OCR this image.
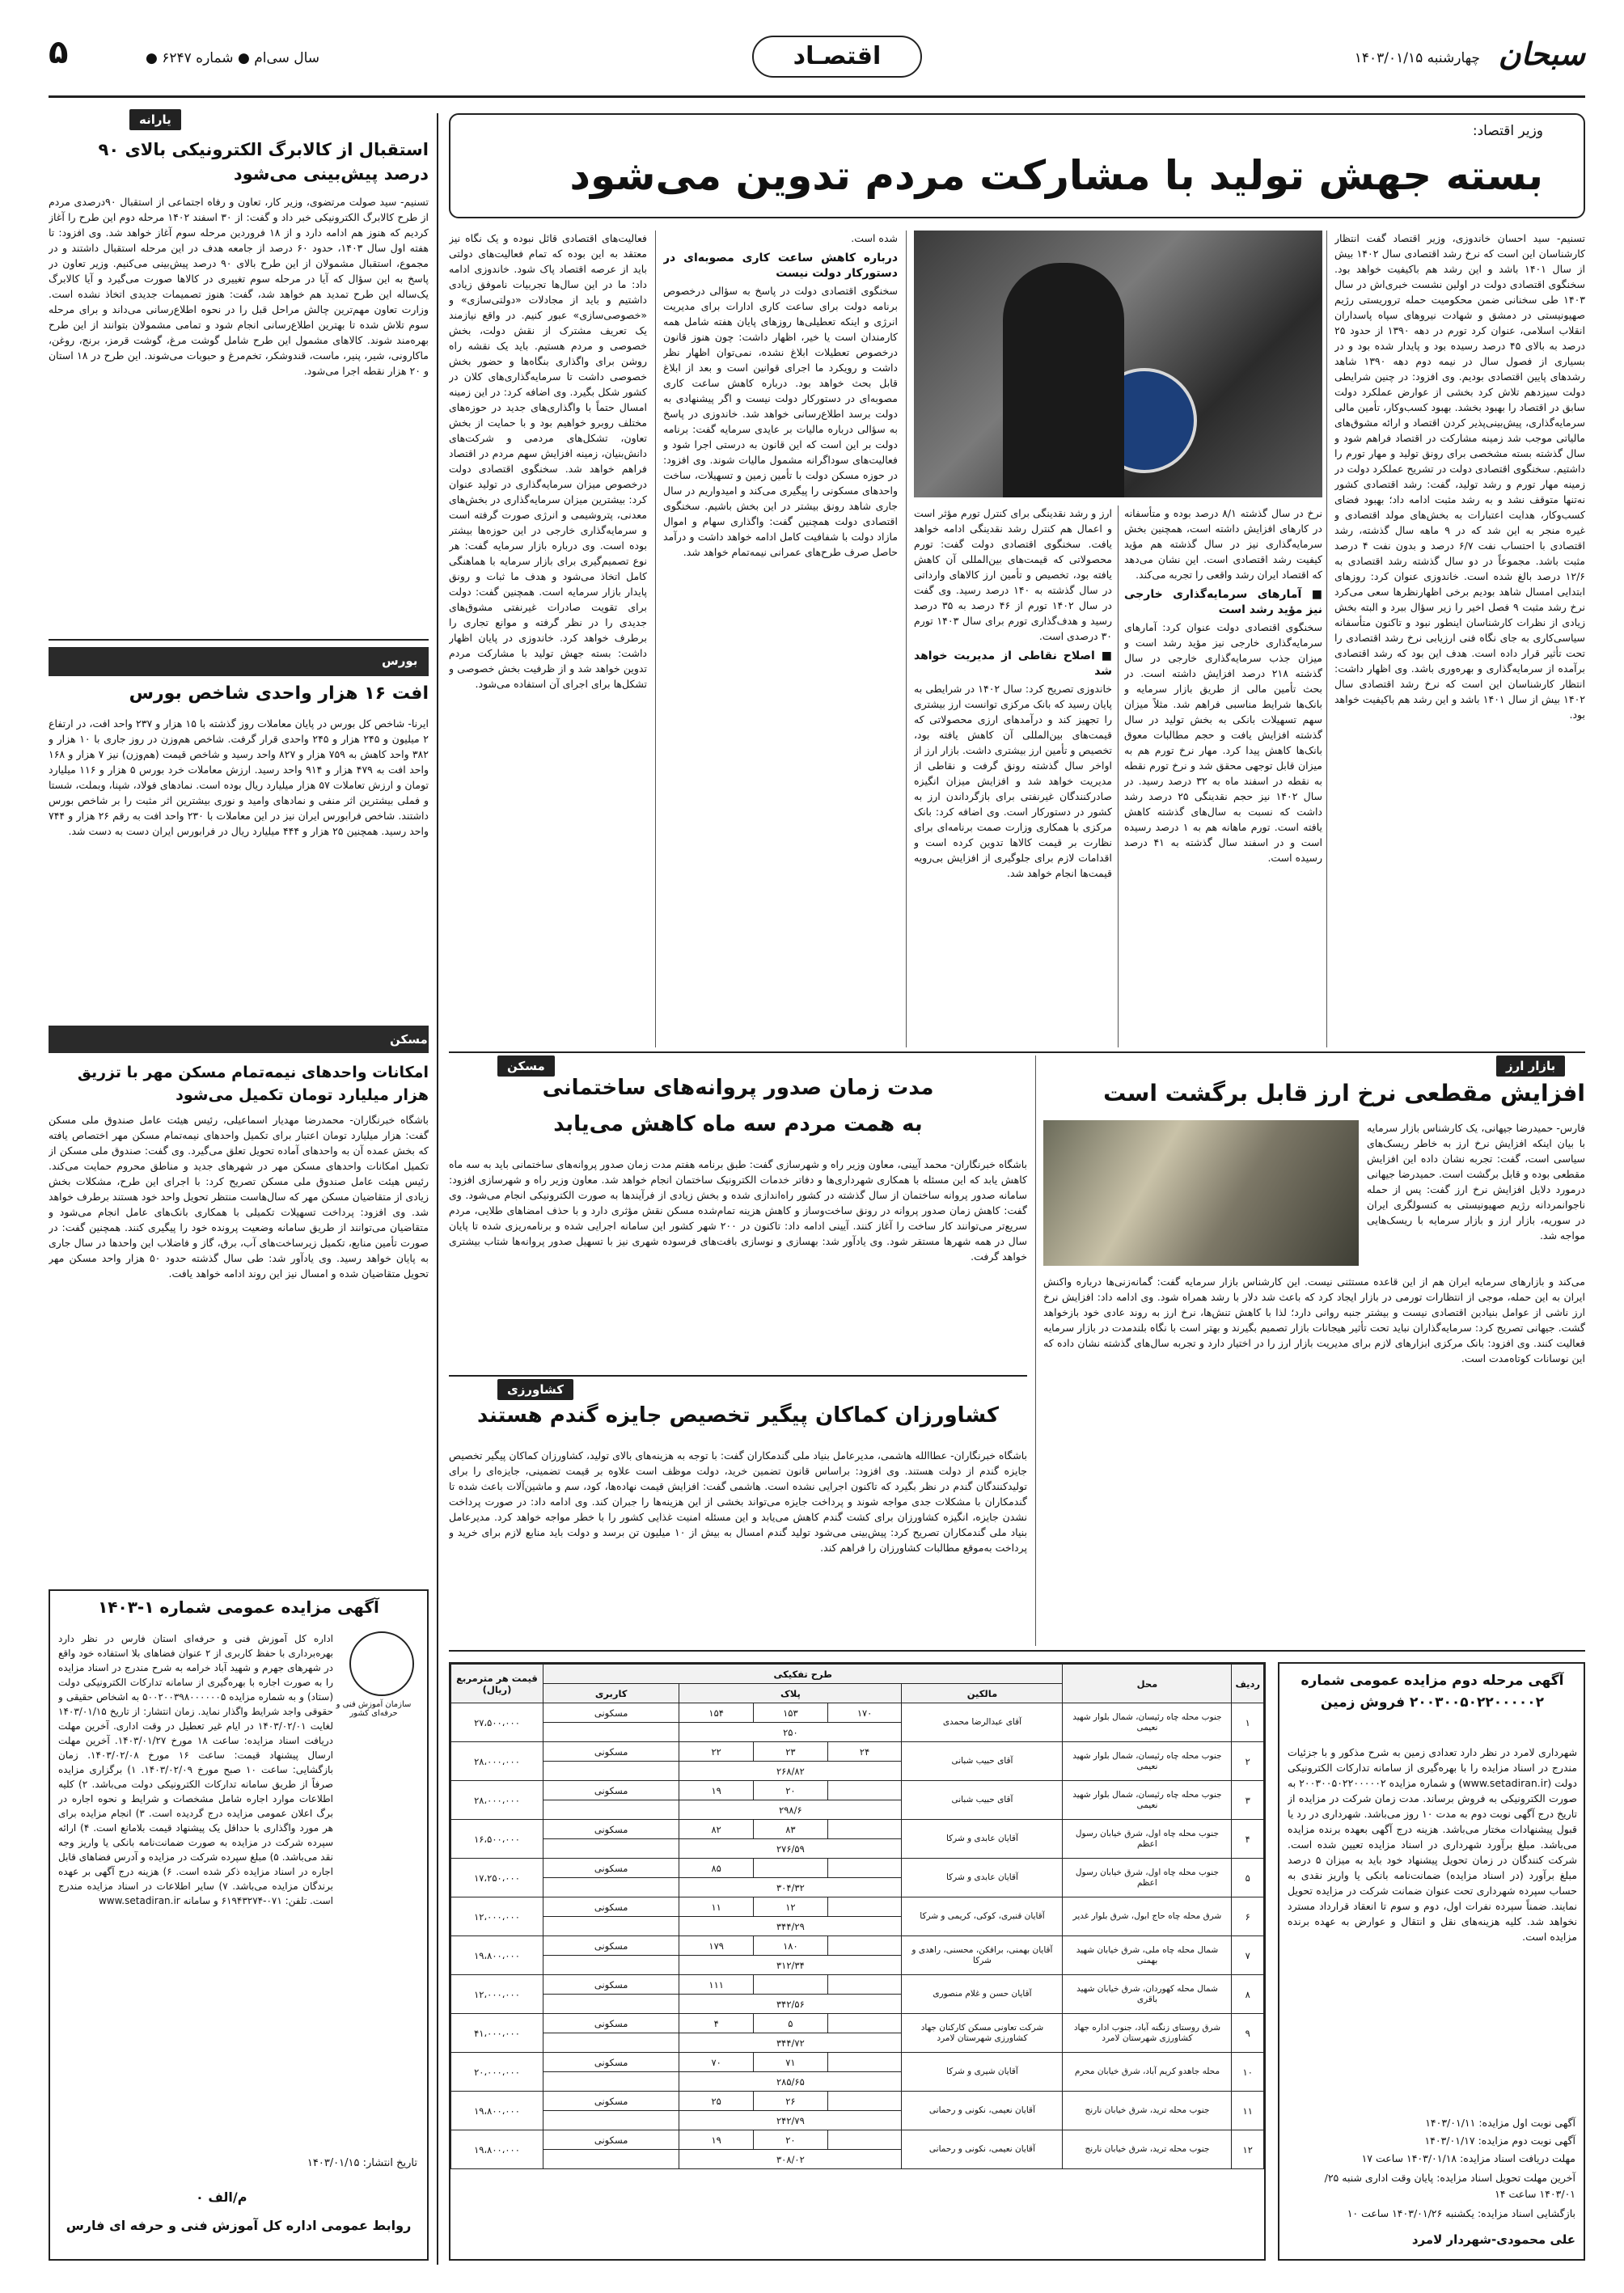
سبحان
چهارشنبه ۱۴۰۳/۰۱/۱۵
اقتصـاد
سال سی‌ام ● شماره ۶۲۴۷ ●
۵
وزیر اقتصاد:
بسته جهش تولید با مشارکت مردم تدوین می‌شود

تسنیم- سید احسان خاندوزی، وزیر اقتصاد گفت انتظار کارشناسان این است که نرخ رشد اقتصادی سال ۱۴۰۲ بیش از سال ۱۴۰۱ باشد و این رشد هم باکیفیت خواهد بود. سخنگوی اقتصادی دولت در اولین نشست خبری‌اش در سال ۱۴۰۳ طی سخنانی ضمن محکومیت حمله تروریستی رژیم صهیونیستی در دمشق و شهادت نیروهای سپاه پاسداران انقلاب اسلامی، عنوان کرد تورم در دهه ۱۳۹۰ از حدود ۲۵ درصد به بالای ۴۵ درصد رسیده بود و پایدار شده بود و در بسیاری از فصول سال در نیمه دوم دهه ۱۳۹۰ شاهد رشدهای پایین اقتصادی بودیم. وی افزود: در چنین شرایطی دولت سیزدهم تلاش کرد بخشی از عوارض عملکرد دولت سابق در اقتصاد را بهبود بخشد. بهبود کسب‌وکار، تأمین مالی سرمایه‌گذاری، پیش‌بینی‌پذیر کردن اقتصاد و ارائه مشوق‌های مالیاتی موجب شد زمینه مشارکت در اقتصاد فراهم شود و سال گذشته بسته مشخصی برای رونق تولید و مهار تورم را داشتیم. سخنگوی اقتصادی دولت در تشریح عملکرد دولت در زمینه مهار تورم و رشد تولید، گفت: رشد اقتصادی کشور نه‌تنها متوقف نشد و به رشد مثبت ادامه داد؛ بهبود فضای کسب‌وکار، هدایت اعتبارات به بخش‌های مولد اقتصادی و غیره منجر به این شد که در ۹ ماهه سال گذشته، رشد اقتصادی با احتساب نفت ۶/۷ درصد و بدون نفت ۴ درصد مثبت باشد. مجموعاً در دو سال گذشته رشد اقتصادی به ۱۲/۶ درصد بالغ شده است. خاندوزی عنوان کرد: روزهای ابتدایی امسال شاهد بودیم برخی اظهارنظرها سعی می‌کرد نرخ رشد مثبت ۹ فصل اخیر را زیر سؤال ببرد و البته بخش زیادی از نظرات کارشناسان اینطور نبود و تاکنون متأسفانه سیاسی‌کاری به جای نگاه فنی ارزیابی نرخ رشد اقتصادی را تحت تأثیر قرار داده است. هدف این بود که رشد اقتصادی برآمده از سرمایه‌گذاری و بهره‌وری باشد. وی اظهار داشت: انتظار کارشناسان این است که نرخ رشد اقتصادی سال ۱۴۰۲ بیش از سال ۱۴۰۱ باشد و این رشد هم باکیفیت خواهد بود.

نرخ در سال گذشته ۸/۱ درصد بوده و متأسفانه در کارهای افزایش داشته است، همچنین بخش سرمایه‌گذاری نیز در سال گذشته هم مؤید کیفیت رشد اقتصادی است. این نشان می‌دهد که اقتصاد ایران رشد واقعی را تجربه می‌کند.

■ آمارهای سرمایه‌گذاری خارجی نیز مؤید رشد است

سخنگوی اقتصادی دولت عنوان کرد: آمارهای سرمایه‌گذاری خارجی نیز مؤید رشد است و میزان جذب سرمایه‌گذاری خارجی در سال گذشته ۲۱۸ درصد افزایش داشته است. در بحث تأمین مالی از طریق بازار سرمایه و بانک‌ها شرایط مناسبی فراهم شد. مثلاً میزان سهم تسهیلات بانکی به بخش تولید در سال گذشته افزایش یافت و حجم مطالبات معوق بانک‌ها کاهش پیدا کرد. مهار نرخ تورم هم به میزان قابل توجهی محقق شد و نرخ تورم نقطه به نقطه در اسفند ماه به ۳۲ درصد رسید. در سال ۱۴۰۲ نیز حجم نقدینگی ۲۵ درصد رشد داشت که نسبت به سال‌های گذشته کاهش یافته است. تورم ماهانه هم به ۱ درصد رسیده است و در اسفند سال گذشته به ۴۱ درصد رسیده است.

ارز و رشد نقدینگی برای کنترل تورم مؤثر است و اعمال هم کنترل رشد نقدینگی ادامه خواهد یافت. سخنگوی اقتصادی دولت گفت: تورم محصولاتی که قیمت‌های بین‌المللی آن کاهش یافته بود، تخصیص و تأمین ارز کالاهای وارداتی در سال گذشته به ۱۴۰ درصد رسید. وی گفت در سال ۱۴۰۲ تورم از ۴۶ درصد به ۳۵ درصد رسید و هدف‌گذاری تورم برای سال ۱۴۰۳ تورم ۳۰ درصدی است.

■ اصلاح نقاطی از مدیریت خواهد شد

خاندوزی تصریح کرد: سال ۱۴۰۲ در شرایطی به پایان رسید که بانک مرکزی توانست ارز بیشتری را تجهیز کند و درآمدهای ارزی محصولاتی که قیمت‌های بین‌المللی آن کاهش یافته بود، تخصیص و تأمین ارز بیشتری داشت. بازار ارز از اواخر سال گذشته رونق گرفت و نقاطی از مدیریت خواهد شد و افزایش میزان انگیزه صادرکنندگان غیرنفتی برای بازگرداندن ارز به کشور در دستورکار است. وی اضافه کرد: بانک مرکزی با همکاری وزارت صمت برنامه‌ای برای نظارت بر قیمت کالاها تدوین کرده است و اقدامات لازم برای جلوگیری از افزایش بی‌رویه قیمت‌ها انجام خواهد شد.

شده است.

درباره کاهش ساعت کاری مصوبه‌ای در دستورکار دولت نیست

سخنگوی اقتصادی دولت در پاسخ به سؤالی درخصوص برنامه دولت برای ساعت کاری ادارات برای مدیریت انرژی و اینکه تعطیلی‌ها روزهای پایان هفته شامل همه کارمندان است یا خیر، اظهار داشت: چون هنوز قانون درخصوص تعطیلات ابلاغ نشده، نمی‌توان اظهار نظر داشت و رویکرد ما اجرای قوانین است و بعد از ابلاغ قابل بحث خواهد بود. درباره کاهش ساعت کاری مصوبه‌ای در دستورکار دولت نیست و اگر پیشنهادی به دولت برسد اطلاع‌رسانی خواهد شد. خاندوزی در پاسخ به سؤالی درباره مالیات بر عایدی سرمایه گفت: برنامه دولت بر این است که این قانون به درستی اجرا شود و فعالیت‌های سوداگرانه مشمول مالیات شوند. وی افزود: در حوزه مسکن دولت با تأمین زمین و تسهیلات، ساخت واحدهای مسکونی را پیگیری می‌کند و امیدواریم در سال جاری شاهد رونق بیشتر در این بخش باشیم. سخنگوی اقتصادی دولت همچنین گفت: واگذاری سهام و اموال مازاد دولت با شفافیت کامل ادامه خواهد داشت و درآمد حاصل صرف طرح‌های عمرانی نیمه‌تمام خواهد شد.

فعالیت‌های اقتصادی قائل نبوده و یک نگاه نیز معتقد به این بوده که تمام فعالیت‌های دولتی باید از عرصه اقتصاد پاک شود. خاندوزی ادامه داد: ما در این سال‌ها تجربیات ناموفق زیادی داشتیم و باید از مجادلات «دولتی‌سازی» و «خصوصی‌سازی» عبور کنیم. در واقع نیازمند یک تعریف مشترک از نقش دولت، بخش خصوصی و مردم هستیم. باید یک نقشه راه روشن برای واگذاری بنگاه‌ها و حضور بخش خصوصی داشت تا سرمایه‌گذاری‌های کلان در کشور شکل بگیرد. وی اضافه کرد: در این زمینه امسال حتماً با واگذاری‌های جدید در حوزه‌های مختلف روبرو خواهیم بود و با حمایت از بخش تعاون، تشکل‌های مردمی و شرکت‌های دانش‌بنیان، زمینه افزایش سهم مردم در اقتصاد فراهم خواهد شد. سخنگوی اقتصادی دولت درخصوص میزان سرمایه‌گذاری در تولید عنوان کرد: بیشترین میزان سرمایه‌گذاری در بخش‌های معدنی، پتروشیمی و انرژی صورت گرفته است و سرمایه‌گذاری خارجی در این حوزه‌ها بیشتر بوده است. وی درباره بازار سرمایه گفت: هر نوع تصمیم‌گیری برای بازار سرمایه با هماهنگی کامل اتخاذ می‌شود و هدف ما ثبات و رونق پایدار بازار سرمایه است. همچنین گفت: دولت برای تقویت صادرات غیرنفتی مشوق‌های جدیدی را در نظر گرفته و موانع تجاری را برطرف خواهد کرد. خاندوزی در پایان اظهار داشت: بسته جهش تولید با مشارکت مردم تدوین خواهد شد و از ظرفیت بخش خصوصی و تشکل‌ها برای اجرای آن استفاده می‌شود.

یارانه
استقبال از کالابرگ الکترونیکی بالای ۹۰ درصد پیش‌بینی می‌شود

تسنیم- سید صولت مرتضوی، وزیر کار، تعاون و رفاه اجتماعی از استقبال ۹۰درصدی مردم از طرح کالابرگ الکترونیکی خبر داد و گفت: از ۳۰ اسفند ۱۴۰۲ مرحله دوم این طرح را آغاز کردیم که هنوز هم ادامه دارد و از ۱۸ فروردین مرحله سوم آغاز خواهد شد. وی افزود: تا هفته اول سال ۱۴۰۳، حدود ۶۰ درصد از جامعه هدف در این مرحله استقبال داشتند و در مجموع، استقبال مشمولان از این طرح بالای ۹۰ درصد پیش‌بینی می‌کنیم. وزیر تعاون در پاسخ به این سؤال که آیا در مرحله سوم تغییری در کالاها صورت می‌گیرد و آیا کالابرگ یک‌ساله این طرح تمدید هم خواهد شد، گفت: هنوز تصمیمات جدیدی اتخاذ نشده است. وزارت تعاون مهم‌ترین چالش مراحل قبل را در نحوه اطلاع‌رسانی می‌داند و برای مرحله سوم تلاش شده تا بهترین اطلاع‌رسانی انجام شود و تمامی مشمولان بتوانند از این طرح بهره‌مند شوند. کالاهای مشمول این طرح شامل گوشت مرغ، گوشت قرمز، برنج، روغن، ماکارونی، شیر، پنیر، ماست، قندوشکر، تخم‌مرغ و حبوبات می‌شوند. این طرح در ۱۸ استان و ۲۰ هزار نقطه اجرا می‌شود.

بورس
افت ۱۶ هزار واحدی شاخص بورس

ایرنا- شاخص کل بورس در پایان معاملات روز گذشته با ۱۵ هزار و ۲۳۷ واحد افت، در ارتفاع ۲ میلیون و ۲۴۵ هزار و ۲۴۵ واحدی قرار گرفت. شاخص هم‌وزن در روز جاری با ۱۰ هزار و ۳۸۲ واحد کاهش به ۷۵۹ هزار و ۸۲۷ واحد رسید و شاخص قیمت (هم‌وزن) نیز ۷ هزار و ۱۶۸ واحد افت به ۴۷۹ هزار و ۹۱۴ واحد رسید. ارزش معاملات خرد بورس ۵ هزار و ۱۱۶ میلیارد تومان و ارزش تعاملات ۵۷ هزار میلیارد ریال بوده است. نمادهای فولاد، شپنا، وبملت، شستا و فملی بیشترین اثر منفی و نمادهای وامید و نوری بیشترین اثر مثبت را بر شاخص بورس داشتند. شاخص فرابورس ایران نیز در این معاملات با ۲۳۰ واحد افت به رقم ۲۶ هزار و ۷۴۴ واحد رسید. همچنین ۲۵ هزار و ۴۴۴ میلیارد ریال در فرابورس ایران دست به دست شد.

مسکن
امکانات واحدهای نیمه‌تمام مسکن مهر با تزریق هزار میلیارد تومان تکمیل می‌شود

باشگاه خبرنگاران- محمدرضا مهدیار اسماعیلی، رئیس هیئت عامل صندوق ملی مسکن گفت: هزار میلیارد تومان اعتبار برای تکمیل واحدهای نیمه‌تمام مسکن مهر اختصاص یافته که بخش عمده آن به واحدهای آماده تحویل تعلق می‌گیرد. وی گفت: صندوق ملی مسکن از تکمیل امکانات واحدهای مسکن مهر در شهرهای جدید و مناطق محروم حمایت می‌کند. رئیس هیئت عامل صندوق ملی مسکن تصریح کرد: با اجرای این طرح، مشکلات بخش زیادی از متقاضیان مسکن مهر که سال‌هاست منتظر تحویل واحد خود هستند برطرف خواهد شد. وی افزود: پرداخت تسهیلات تکمیلی با همکاری بانک‌های عامل انجام می‌شود و متقاضیان می‌توانند از طریق سامانه وضعیت پرونده خود را پیگیری کنند. همچنین گفت: در صورت تأمین منابع، تکمیل زیرساخت‌های آب، برق، گاز و فاضلاب این واحدها در سال جاری به پایان خواهد رسید. وی یادآور شد: طی سال گذشته حدود ۵۰ هزار واحد مسکن مهر تحویل متقاضیان شده و امسال نیز این روند ادامه خواهد یافت.

آگهی مزایده عمومی شماره ۱-۱۴۰۳
سازمان آموزش فنی و حرفه‌ای کشور

اداره کل آموزش فنی و حرفه‌ای استان فارس در نظر دارد بهره‌برداری با حفظ کاربری از ۲ عنوان فضاهای بلا استفاده خود واقع در شهرهای جهرم و شهید آباد خرامه به شرح مندرج در اسناد مزایده را به صورت اجاره با بهره‌گیری از سامانه تدارکات الکترونیکی دولت (ستاد) و به شماره مزایده ۵۰۰۲۰۰۳۹۸۰۰۰۰۰۰۵ به اشخاص حقیقی و حقوقی واجد شرایط واگذار نماید. زمان انتشار: از تاریخ ۱۴۰۳/۰۱/۱۵ لغایت ۱۴۰۳/۰۲/۰۱ در ایام غیر تعطیل در وقت اداری. آخرین مهلت دریافت اسناد مزایده: ساعت ۱۸ مورخ ۱۴۰۳/۰۱/۲۷. آخرین مهلت ارسال پیشنهاد قیمت: ساعت ۱۶ مورخ ۱۴۰۳/۰۲/۰۸. زمان بازگشایی: ساعت ۱۰ صبح مورخ ۱۴۰۳/۰۲/۰۹. ۱) برگزاری مزایده صرفاً از طریق سامانه تدارکات الکترونیکی دولت می‌باشد. ۲) کلیه اطلاعات موارد اجاره شامل مشخصات و شرایط و نحوه اجاره در برگ اعلان عمومی مزایده درج گردیده است. ۳) انجام مزایده برای هر مورد واگذاری با حداقل یک پیشنهاد قیمت بلامانع است. ۴) ارائه سپرده شرکت در مزایده به صورت ضمانت‌نامه بانکی یا واریز وجه نقد می‌باشد. ۵) مبلغ سپرده شرکت در مزایده و آدرس فضاهای قابل اجاره در اسناد مزایده ذکر شده است. ۶) هزینه درج آگهی بر عهده برندگان مزایده می‌باشد. ۷) سایر اطلاعات در اسناد مزایده مندرج است. تلفن: ۰۷۱-۶۱۹۴۳۲۷۴ و سامانه www.setadiran.ir

تاریخ انتشار: ۱۴۰۳/۰۱/۱۵
م/الف ۰
روابط عمومی اداره کل آموزش فنی و حرفه ای فارس
بازار ارز
افزایش مقطعی نرخ ارز قابل برگشت است

فارس- حمیدرضا جیهانی، یک کارشناس بازار سرمایه با بیان اینکه افزایش نرخ ارز به خاطر ریسک‌های سیاسی است، گفت: تجربه نشان داده این افزایش مقطعی بوده و قابل برگشت است. حمیدرضا جیهانی درمورد دلایل افزایش نرخ ارز گفت: پس از حمله ناجوانمردانه رژیم صهیونیستی به کنسولگری ایران در سوریه، بازار ارز و بازار سرمایه با ریسک‌هایی مواجه شد.

می‌کند و بازارهای سرمایه ایران هم از این قاعده مستثنی نیست. این کارشناس بازار سرمایه گفت: گمانه‌زنی‌ها درباره واکنش ایران به این حمله، موجی از انتظارات تورمی در بازار ایجاد کرد که باعث شد دلار با رشد همراه شود. وی ادامه داد: افزایش نرخ ارز ناشی از عوامل بنیادین اقتصادی نیست و بیشتر جنبه روانی دارد؛ لذا با کاهش تنش‌ها، نرخ ارز به روند عادی خود بازخواهد گشت. جیهانی تصریح کرد: سرمایه‌گذاران نباید تحت تأثیر هیجانات بازار تصمیم بگیرند و بهتر است با نگاه بلندمدت در بازار سرمایه فعالیت کنند. وی افزود: بانک مرکزی ابزارهای لازم برای مدیریت بازار ارز را در اختیار دارد و تجربه سال‌های گذشته نشان داده که این نوسانات کوتاه‌مدت است.

مسکن
مدت زمان صدور پروانه‌های ساختمانی
به همت مردم سه ماه کاهش می‌یابد

باشگاه خبرنگاران- محمد آیینی، معاون وزیر راه و شهرسازی گفت: طبق برنامه هفتم مدت زمان صدور پروانه‌های ساختمانی باید به سه ماه کاهش یابد که این مسئله با همکاری شهرداری‌ها و دفاتر خدمات الکترونیک ساختمان انجام خواهد شد. معاون وزیر راه و شهرسازی افزود: سامانه صدور پروانه ساختمان از سال گذشته در کشور راه‌اندازی شده و بخش زیادی از فرآیندها به صورت الکترونیکی انجام می‌شود. وی گفت: کاهش زمان صدور پروانه در رونق ساخت‌وساز و کاهش هزینه تمام‌شده مسکن نقش مؤثری دارد و با حذف امضاهای طلایی، مردم سریع‌تر می‌توانند کار ساخت را آغاز کنند. آیینی ادامه داد: تاکنون در ۲۰۰ شهر کشور این سامانه اجرایی شده و برنامه‌ریزی شده تا پایان سال در همه شهرها مستقر شود. وی یادآور شد: بهسازی و نوسازی بافت‌های فرسوده شهری نیز با تسهیل صدور پروانه‌ها شتاب بیشتری خواهد گرفت.

کشاورزی
کشاورزان کماکان پیگیر تخصیص جایزه گندم هستند

باشگاه خبرنگاران- عطاالله هاشمی، مدیرعامل بنیاد ملی گندمکاران گفت: با توجه به هزینه‌های بالای تولید، کشاورزان کماکان پیگیر تخصیص جایزه گندم از دولت هستند. وی افزود: براساس قانون تضمین خرید، دولت موظف است علاوه بر قیمت تضمینی، جایزه‌ای را برای تولیدکنندگان گندم در نظر بگیرد که تاکنون اجرایی نشده است. هاشمی گفت: افزایش قیمت نهاده‌ها، کود، سم و ماشین‌آلات باعث شده تا گندمکاران با مشکلات جدی مواجه شوند و پرداخت جایزه می‌تواند بخشی از این هزینه‌ها را جبران کند. وی ادامه داد: در صورت پرداخت نشدن جایزه، انگیزه کشاورزان برای کشت گندم کاهش می‌یابد و این مسئله امنیت غذایی کشور را با خطر مواجه خواهد کرد. مدیرعامل بنیاد ملی گندمکاران تصریح کرد: پیش‌بینی می‌شود تولید گندم امسال به بیش از ۱۰ میلیون تن برسد و دولت باید منابع لازم برای خرید و پرداخت به‌موقع مطالبات کشاورزان را فراهم کند.

آگهی مرحله دوم مزایده عمومی شماره ۲۰۰۳۰۰۵۰۲۲۰۰۰۰۰۲ فروش زمین

شهرداری لامرد در نظر دارد تعدادی زمین به شرح مذکور و با جزئیات مندرج در اسناد مزایده را با بهره‌گیری از سامانه تدارکات الکترونیکی دولت (www.setadiran.ir) و شماره مزایده ۲۰۰۳۰۰۵۰۲۲۰۰۰۰۰۲ به صورت الکترونیکی به فروش برساند. مدت زمان شرکت در مزایده از تاریخ درج آگهی نوبت دوم به مدت ۱۰ روز می‌باشد. شهرداری در رد یا قبول پیشنهادات مختار می‌باشد. هزینه درج آگهی بعهده برنده مزایده می‌باشد. مبلغ برآورد شهرداری در اسناد مزایده تعیین شده است. شرکت کنندگان در زمان تحویل پیشنهاد خود باید به میزان ۵ درصد مبلغ برآورد (در اسناد مزایده) ضمانت‌نامه بانکی یا واریز نقدی به حساب سپرده شهرداری تحت عنوان ضمانت شرکت در مزایده تحویل نمایند. ضمناً سپرده نفرات اول، دوم و سوم تا انعقاد قرارداد مسترد نخواهد شد. کلیه هزینه‌های نقل و انتقال و عوارض به عهده برنده مزایده است.

آگهی نوبت اول مزایده: ۱۴۰۳/۰۱/۱۱
آگهی نوبت دوم مزایده: ۱۴۰۳/۰۱/۱۷
مهلت دریافت اسناد مزایده: ۱۴۰۳/۰۱/۱۸ ساعت ۱۷
آخرین مهلت تحویل اسناد مزایده: پایان وقت اداری شنبه ۲۵/ ۱۴۰۳/۰۱ ساعت ۱۴
بازگشایی اسناد مزایده: یکشنبه ۱۴۰۳/۰۱/۲۶ ساعت ۱۰
علی محمودی-شهردار لامرد
ردیف	محل	طرح تفکیکی					قیمت هر مترمربع (ریال)
		مالکین	پلاک			کاربری	
۱	جنوب محله چاه رئیسان، شمال بلوار شهید نعیمی	آقای عبدالرضا محمدی	۱۷۰	۱۵۳	۱۵۴	مسکونی	۲۷،۵۰۰،۰۰۰
			۲۵۰				
۲	جنوب محله چاه رئیسان، شمال بلوار شهید نعیمی	آقای حبیب شبانی	۲۴	۲۳	۲۲	مسکونی	۲۸،۰۰۰،۰۰۰
			۲۶۸/۸۲				
۳	جنوب محله چاه رئیسان، شمال بلوار شهید نعیمی	آقای حبیب شبانی		۲۰	۱۹	مسکونی	۲۸،۰۰۰،۰۰۰
			۲۹۸/۶				
۴	جنوب محله چاه اول، شرق خیابان رسول اعظم	آقایان عابدی و شرکا		۸۳	۸۲	مسکونی	۱۶،۵۰۰،۰۰۰
			۲۷۶/۵۹				
۵	جنوب محله چاه اول، شرق خیابان رسول اعظم	آقایان عابدی و شرکا			۸۵	مسکونی	۱۷،۲۵۰،۰۰۰
			۳۰۴/۳۲				
۶	شرق محله چاه حاج ابول، شرق بلوار غدیر	آقایان قنبری، کوکی، کریمی و شرکا		۱۲	۱۱	مسکونی	۱۲،۰۰۰،۰۰۰
			۳۴۴/۲۹				
۷	شمال محله چاه ملی، شرق خیابان شهید بهمنی	آقایان بهمنی، برافکن، محسنی، راهدی و شرکا		۱۸۰	۱۷۹	مسکونی	۱۹،۸۰۰،۰۰۰
			۳۱۲/۳۴				
۸	شمال محله کهوردان، شرق خیابان شهید باقری	آقایان حسن و غلام منصوری			۱۱۱	مسکونی	۱۲،۰۰۰،۰۰۰
			۳۴۲/۵۶				
۹	شرق روستای زنگنه آباد، جنوب اداره جهاد کشاورزی شهرستان لامرد	شرکت تعاونی مسکن کارکنان جهاد کشاورزی شهرستان لامرد		۵	۴	مسکونی	۴۱،۰۰۰،۰۰۰
			۳۴۴/۷۲				
۱۰	محله جاهدو کریم آباد، شرق خیابان محرم	آقایان شیری و شرکا		۷۱	۷۰	مسکونی	۲۰،۰۰۰،۰۰۰
			۲۸۵/۶۵				
۱۱	جنوب محله ترید، شرق خیابان نارنج	آقایان نعیمی، نکونی و رحمانی		۲۶	۲۵	مسکونی	۱۹،۸۰۰،۰۰۰
			۲۴۲/۷۹				
۱۲	جنوب محله ترید، شرق خیابان نارنج	آقایان نعیمی، نکونی و رحمانی		۲۰	۱۹	مسکونی	۱۹،۸۰۰،۰۰۰
			۳۰۸/۰۲				
